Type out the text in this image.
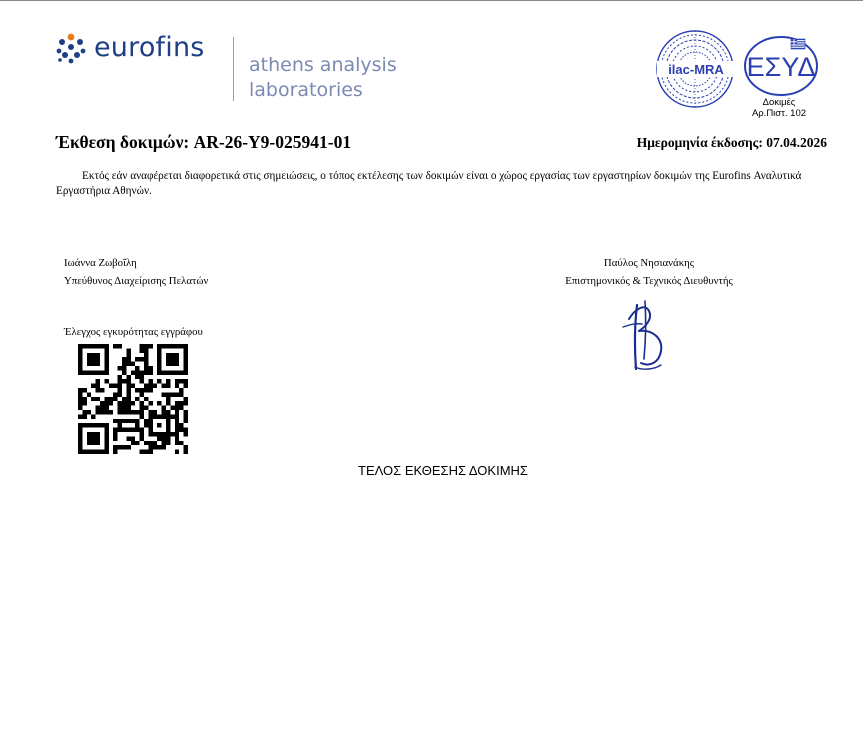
eurofins
athens analysis
laboratories
ilac-MRA ΕΣΥΔ
Δοκιμές
Αρ.Πιστ. 102
Έκθεση δοκιμών: AR-26-Y9-025941-01	Ημερομηνία έκδοσης: 07.04.2026
Εκτός εάν αναφέρεται διαφορετικά στις σημειώσεις, ο τόπος εκτέλεσης των δοκιμών είναι ο χώρος εργασίας των εργαστηρίων δοκιμών της Eurofins Αναλυτικά Εργαστήρια Αθηνών.
Ιωάννα Ζωβοΐλη
Υπεύθυνος Διαχείρισης Πελατών
Παύλος Νησιανάκης
Επιστημονικός & Τεχνικός Διευθυντής
Έλεγχος εγκυρότητας εγγράφου
ΤΕΛΟΣ ΕΚΘΕΣΗΣ ΔΟΚΙΜΗΣ
